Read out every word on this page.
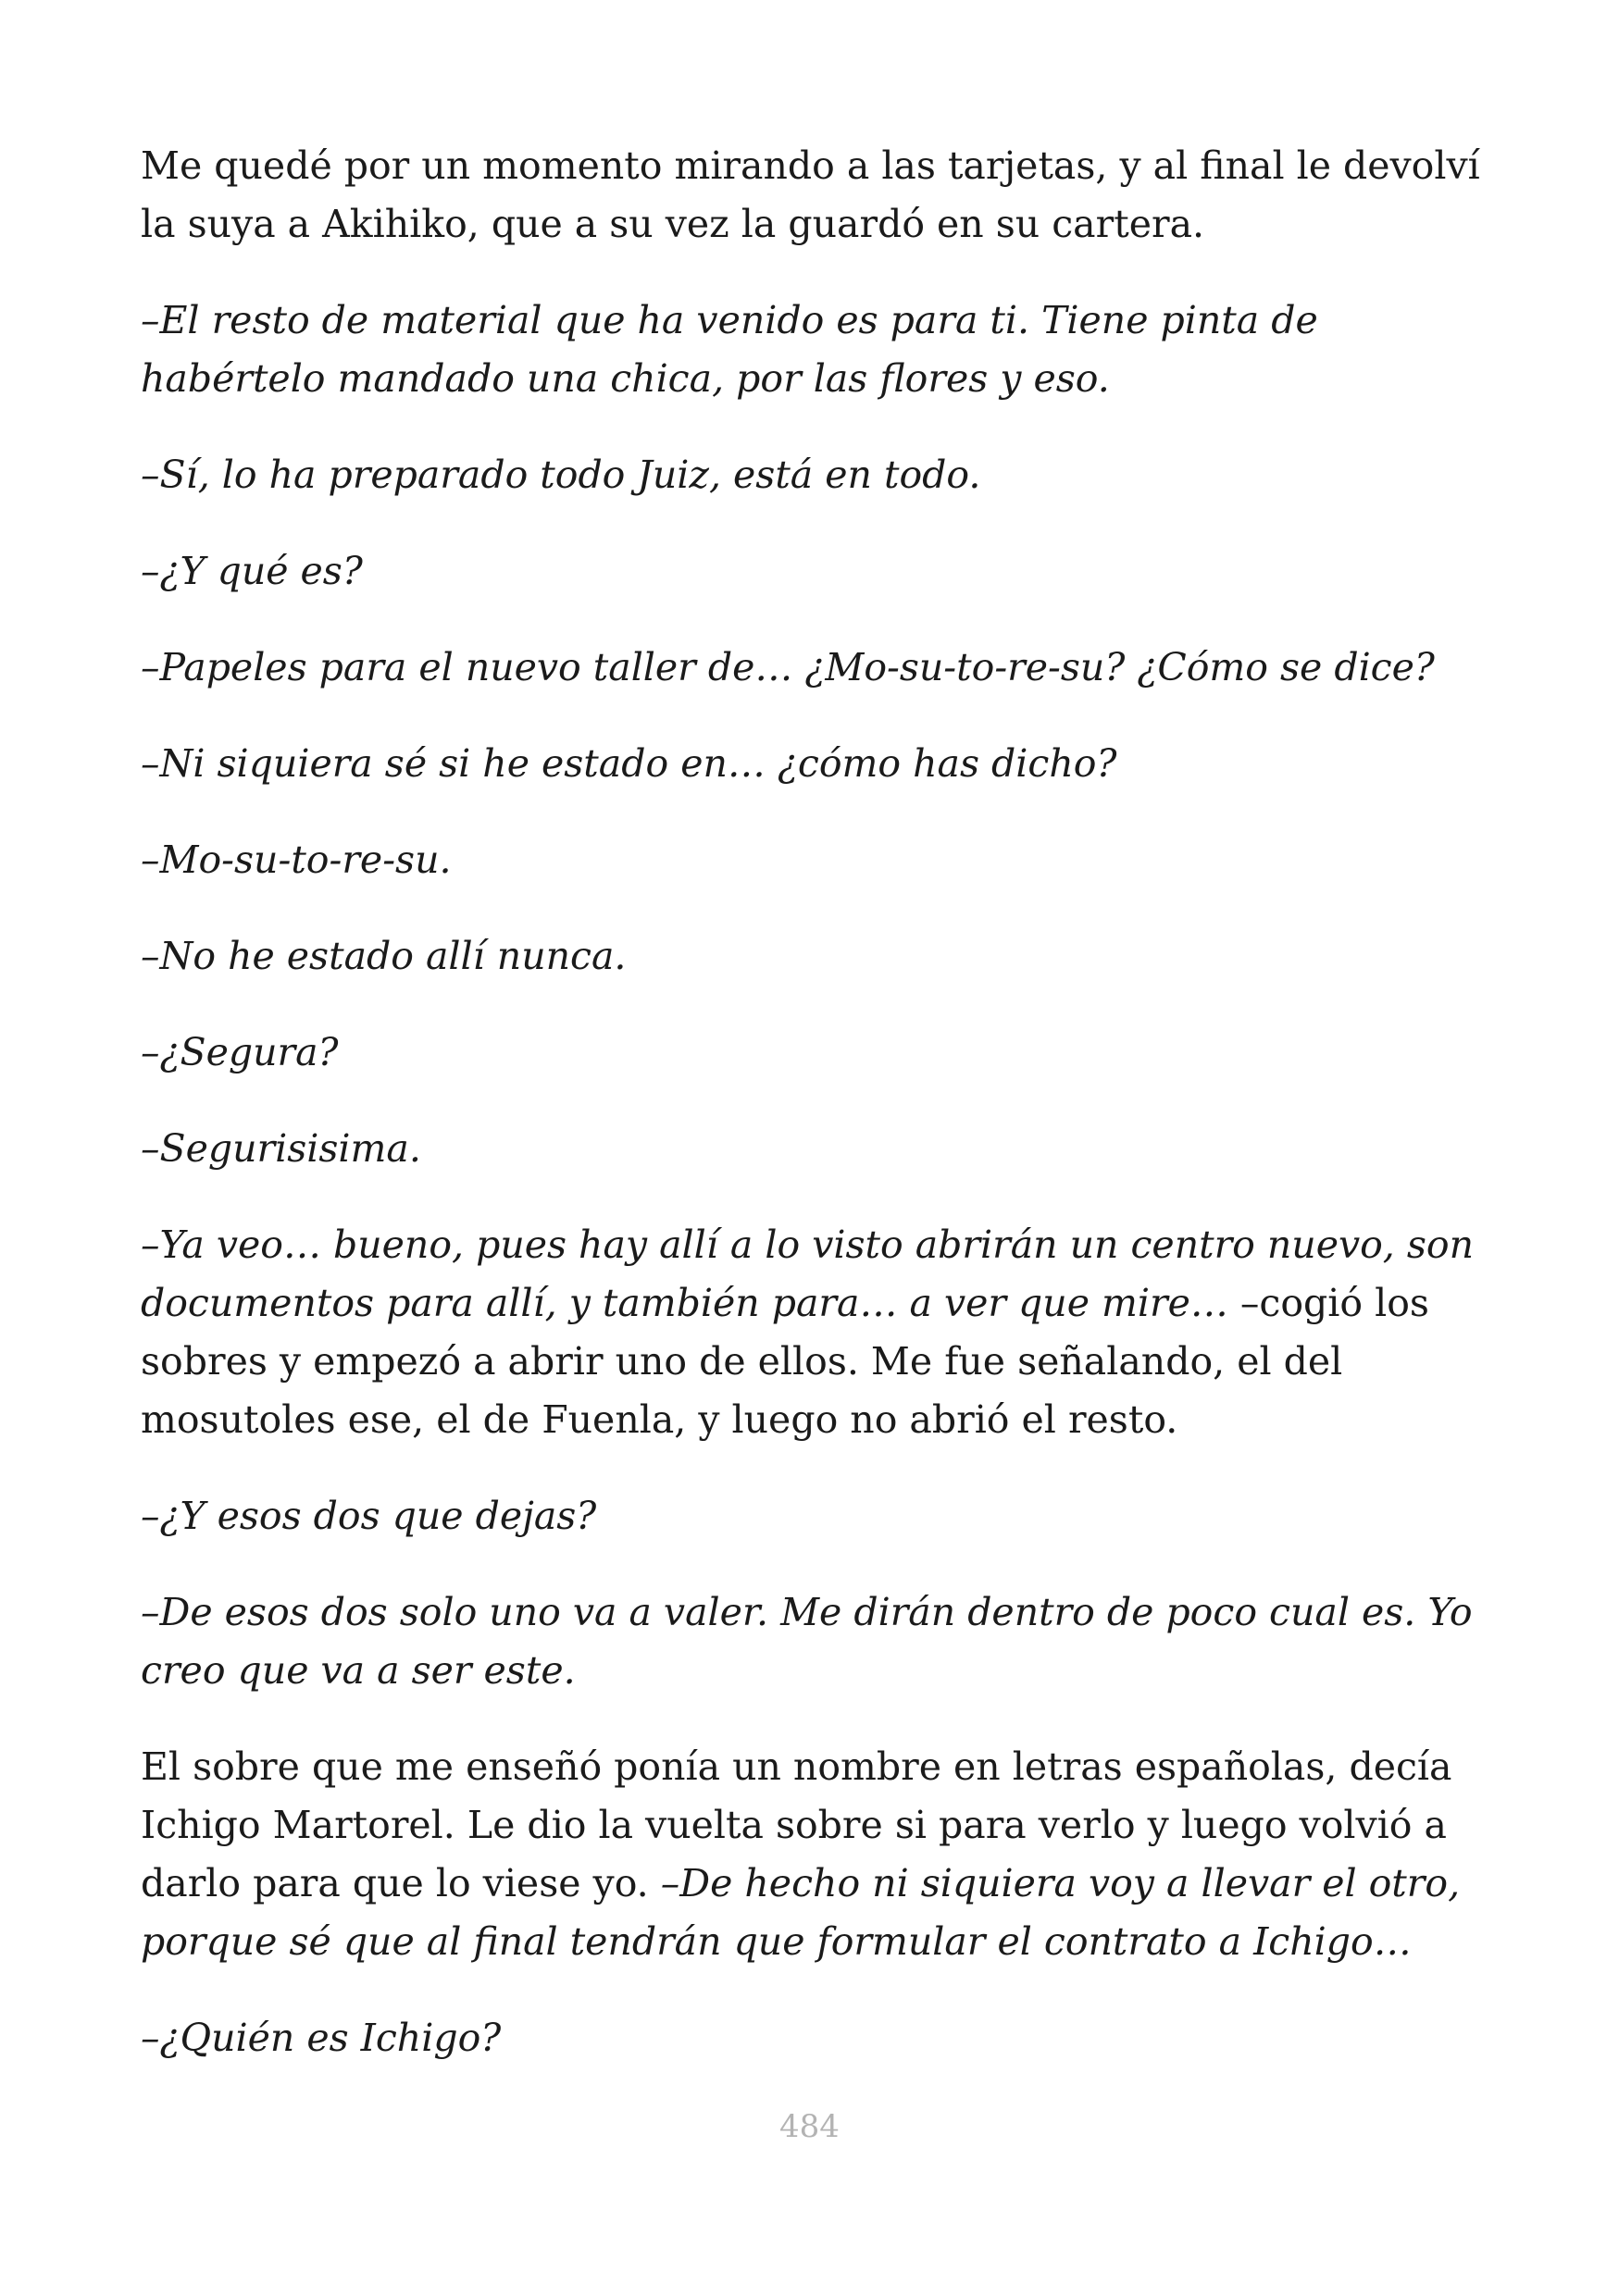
Me quedé por un momento mirando a las tarjetas, y al final le devolví la suya a Akihiko, que a su vez la guardó en su cartera.

–El resto de material que ha venido es para ti. Tiene pinta de habértelo mandado una chica, por las flores y eso.

–Sí, lo ha preparado todo Juiz, está en todo.

–¿Y qué es?

–Papeles para el nuevo taller de… ¿Mo-su-to-re-su? ¿Cómo se dice?

–Ni siquiera sé si he estado en… ¿cómo has dicho?

–Mo-su-to-re-su.

–No he estado allí nunca.

–¿Segura?

–Segurisisima.

–Ya veo… bueno, pues hay allí a lo visto abrirán un centro nuevo, son documentos para allí, y también para… a ver que mire… –cogió los sobres y empezó a abrir uno de ellos. Me fue señalando, el del mosutoles ese, el de Fuenla, y luego no abrió el resto.

–¿Y esos dos que dejas?

–De esos dos solo uno va a valer. Me dirán dentro de poco cual es. Yo creo que va a ser este.

El sobre que me enseñó ponía un nombre en letras españolas, decía Ichigo Martorel. Le dio la vuelta sobre si para verlo y luego volvió a darlo para que lo viese yo. –De hecho ni siquiera voy a llevar el otro, porque sé que al final tendrán que formular el contrato a Ichigo…

–¿Quién es Ichigo?

484
